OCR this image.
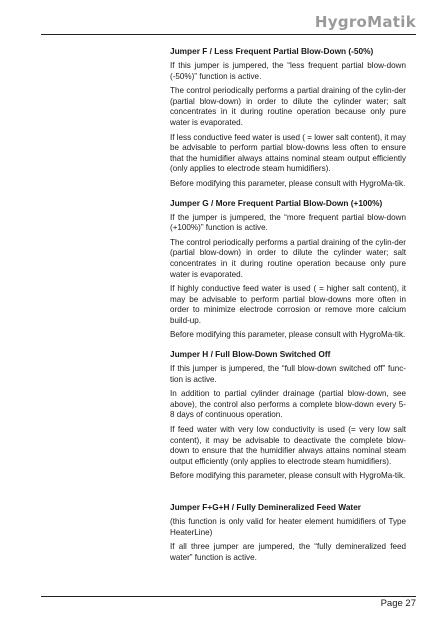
HygroMatik
Jumper F / Less Frequent Partial Blow-Down (-50%)

If this jumper is jumpered, the “less frequent partial blow-down (-50%)” function is active.

The control periodically performs a partial draining of the cylin-der (partial blow-down) in order to dilute the cylinder water; salt concentrates in it during routine operation because only pure water is evaporated.

If less conductive feed water is used ( = lower salt content), it may be advisable to perform partial blow-downs less often to ensure that the humidifier always attains nominal steam output efficiently (only applies to electrode steam humidifiers).

Before modifying this parameter, please consult with HygroMa-tik.

Jumper G / More Frequent Partial Blow-Down (+100%)

If the jumper is jumpered, the “more frequent partial blow-down (+100%)” function is active.

The control periodically performs a partial draining of the cylin-der (partial blow-down) in order to dilute the cylinder water; salt concentrates in it during routine operation because only pure water is evaporated.

If highly conductive feed water is used ( = higher salt content), it may be advisable to perform partial blow-downs more often in order to minimize electrode corrosion or remove more calcium build-up.

Before modifying this parameter, please consult with HygroMa-tik.

Jumper H / Full Blow-Down Switched Off

If this jumper is jumpered, the “full blow-down switched off” func-tion is active.

In addition to partial cylinder drainage (partial blow-down, see above), the control also performs a complete blow-down every 5-8 days of continuous operation.

If feed water with very low conductivity is used (= very low salt content), it may be advisable to deactivate the complete blow-down to ensure that the humidifier always attains nominal steam output efficiently (only applies to electrode steam humidifiers).

Before modifying this parameter, please consult with HygroMa-tik.

Jumper F+G+H / Fully Demineralized Feed Water

(this function is only valid for heater element humidifiers of Type HeaterLine)

If all three jumper are jumpered, the “fully demineralized feed water” function is active.

Page 27
